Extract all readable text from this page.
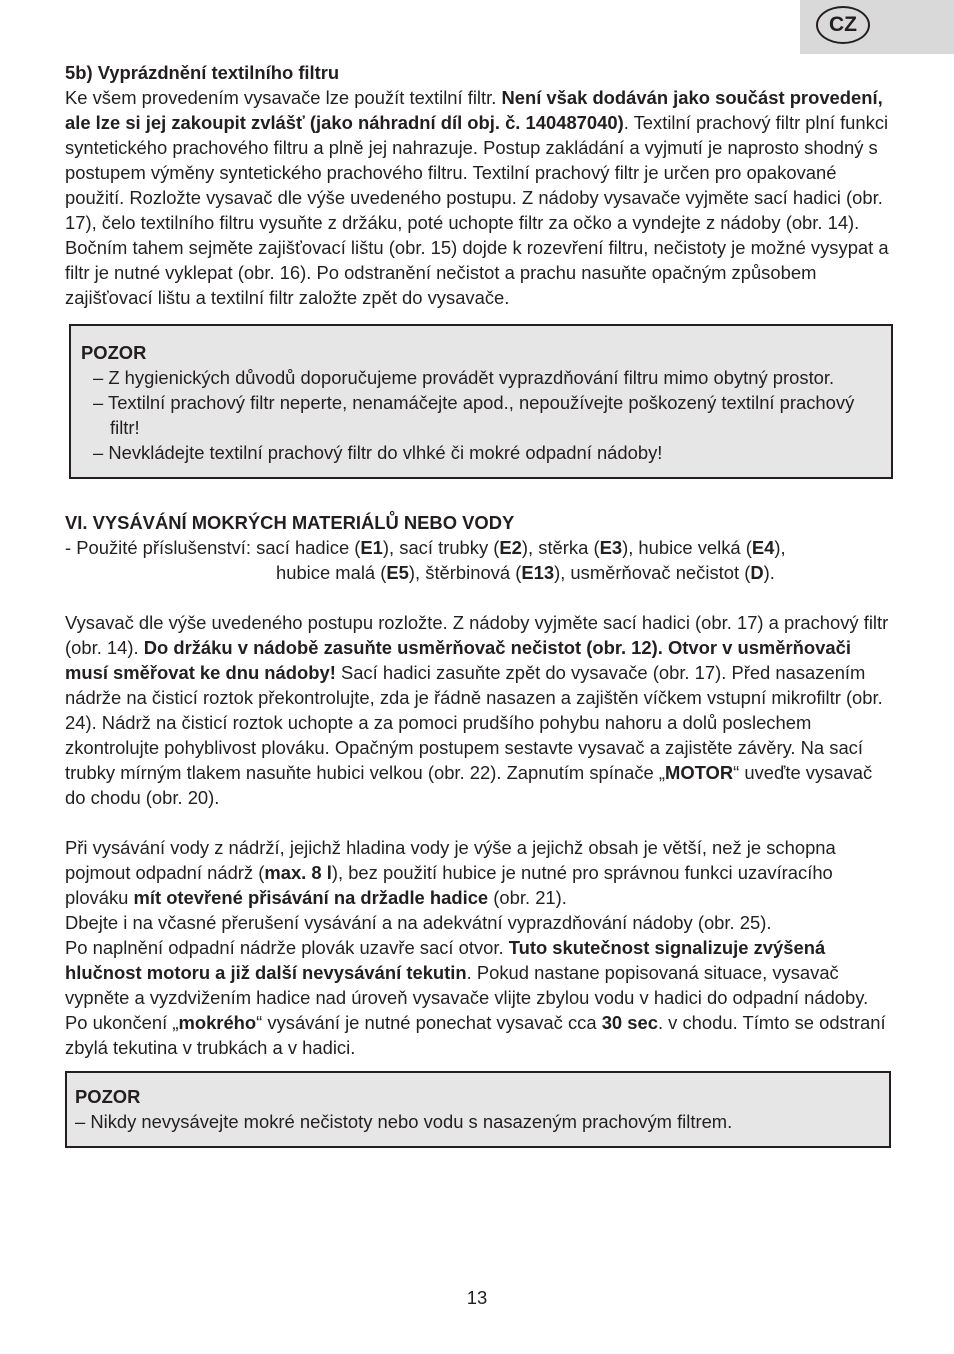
CZ

5b) Vyprázdnění textilního filtru

Ke všem provedením vysavače lze použít textilní filtr. Není však dodáván jako součást provedení, ale lze si jej zakoupit zvlášť (jako náhradní díl obj. č. 140487040). Textilní prachový filtr plní funkci syntetického prachového filtru a plně jej nahrazuje. Postup zakládání a vyjmutí je naprosto shodný s postupem výměny syntetického prachového filtru. Textilní prachový filtr je určen pro opakované použití. Rozložte vysavač dle výše uvedeného postupu. Z nádoby vysavače vyjměte sací hadici (obr. 17), čelo textilního filtru vysuňte z držáku, poté uchopte filtr za očko a vyndejte z nádoby (obr. 14). Bočním tahem sejměte zajišťovací lištu (obr. 15) dojde k rozevření filtru, nečistoty je možné vysypat a filtr je nutné vyklepat (obr. 16). Po odstranění nečistot a prachu nasuňte opačným způsobem zajišťovací lištu a textilní filtr založte zpět do vysavače.

POZOR

– Z hygienických důvodů doporučujeme provádět vyprazdňování filtru mimo obytný prostor.

– Textilní prachový filtr neperte, nenamáčejte apod., nepoužívejte poškozený textilní prachový filtr!

– Nevkládejte textilní prachový filtr do vlhké či mokré odpadní nádoby!

VI. VYSÁVÁNÍ MOKRÝCH MATERIÁLŮ NEBO VODY

- Použité příslušenství: sací hadice (E1), sací trubky (E2), stěrka (E3), hubice velká (E4),
hubice malá (E5), štěrbinová (E13), usměrňovač nečistot (D).

Vysavač dle výše uvedeného postupu rozložte. Z nádoby vyjměte sací hadici (obr. 17) a prachový filtr (obr. 14). Do držáku v nádobě zasuňte usměrňovač nečistot (obr. 12). Otvor v usměrňovači musí směřovat ke dnu nádoby! Sací hadici zasuňte zpět do vysavače (obr. 17). Před nasazením nádrže na čisticí roztok překontrolujte, zda je řádně nasazen a zajištěn víčkem vstupní mikrofiltr (obr. 24). Nádrž na čisticí roztok uchopte a za pomoci prudšího pohybu nahoru a dolů poslechem zkontrolujte pohyblivost plováku. Opačným postupem sestavte vysavač a zajistěte závěry. Na sací trubky mírným tlakem nasuňte hubici velkou (obr. 22). Zapnutím spínače „MOTOR“ uveďte vysavač do chodu (obr. 20).

Při vysávání vody z nádrží, jejichž hladina vody je výše a jejichž obsah je větší, než je schopna pojmout odpadní nádrž (max. 8 l), bez použití hubice je nutné pro správnou funkci uzavíracího plováku mít otevřené přisávání na držadle hadice (obr. 21).

Dbejte i na včasné přerušení vysávání a na adekvátní vyprazdňování nádoby (obr. 25).

Po naplnění odpadní nádrže plovák uzavře sací otvor. Tuto skutečnost signalizuje zvýšená hlučnost motoru a již další nevysávání tekutin. Pokud nastane popisovaná situace, vysavač vypněte a vyzdvižením hadice nad úroveň vysavače vlijte zbylou vodu v hadici do odpadní nádoby. Po ukončení „mokrého“ vysávání je nutné ponechat vysavač cca 30 sec. v chodu. Tímto se odstraní zbylá tekutina v trubkách a v hadici.

POZOR

– Nikdy nevysávejte mokré nečistoty nebo vodu s nasazeným prachovým filtrem.

13
